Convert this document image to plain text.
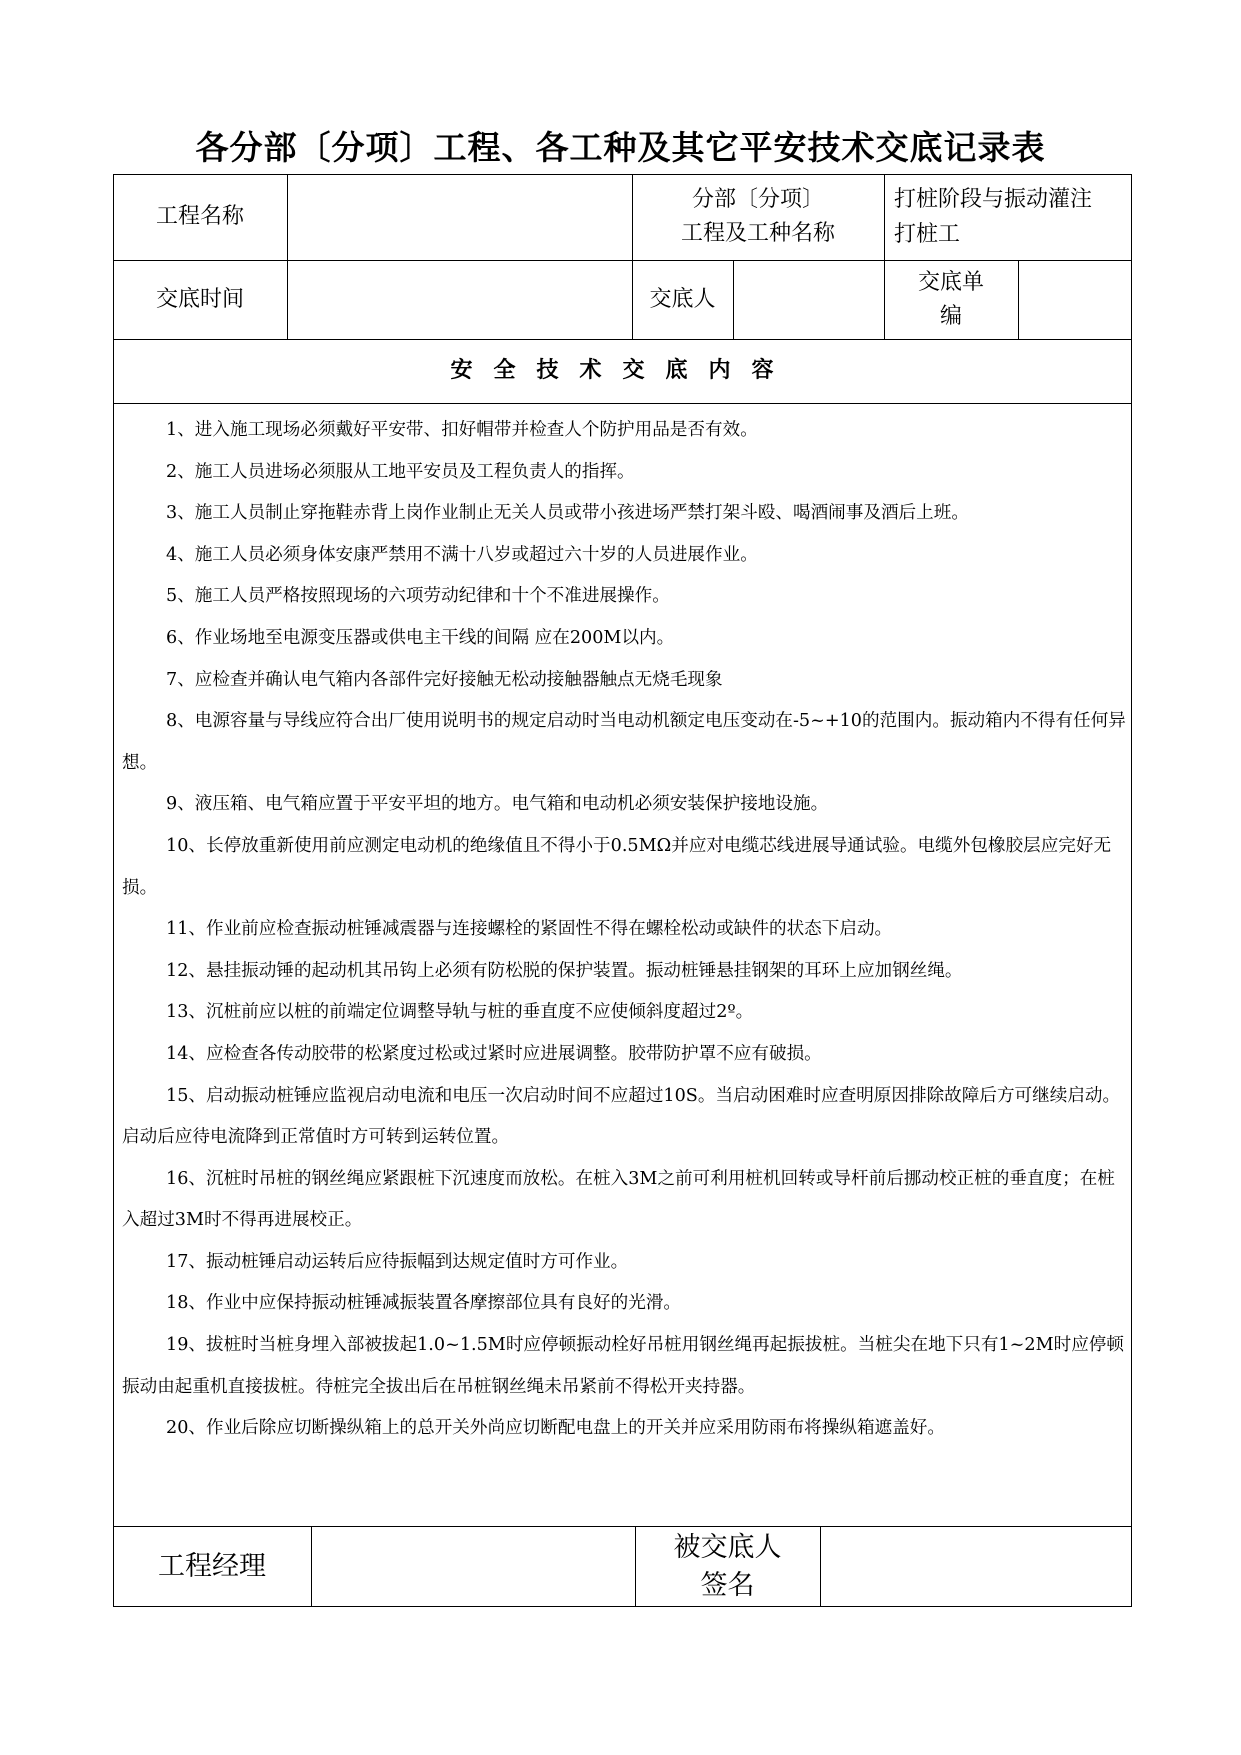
各分部〔分项〕工程、各工种及其它平安技术交底记录表
工程名称
分部〔分项〕
工程及工种名称
打桩阶段与振动灌注
打桩工
交底时间	交底人
交底单
编
安全技术交底内容

1、进入施工现场必须戴好平安带、扣好帽带并检查人个防护用品是否有效。

2、施工人员进场必须服从工地平安员及工程负责人的指挥。

3、施工人员制止穿拖鞋赤背上岗作业制止无关人员或带小孩进场严禁打架斗殴、喝酒闹事及酒后上班。

4、施工人员必须身体安康严禁用不满十八岁或超过六十岁的人员进展作业。

5、施工人员严格按照现场的六项劳动纪律和十个不准进展操作。

6、作业场地至电源变压器或供电主干线的间隔 应在200M以内。

7、应检查并确认电气箱内各部件完好接触无松动接触器触点无烧毛现象

8、电源容量与导线应符合出厂使用说明书的规定启动时当电动机额定电压变动在-5~+10的范围内。振动箱内不得有任何异想。

9、液压箱、电气箱应置于平安平坦的地方。电气箱和电动机必须安装保护接地设施。

10、长停放重新使用前应测定电动机的绝缘值且不得小于0.5MΩ并应对电缆芯线进展导通试验。电缆外包橡胶层应完好无损。

11、作业前应检查振动桩锤减震器与连接螺栓的紧固性不得在螺栓松动或缺件的状态下启动。

12、悬挂振动锤的起动机其吊钩上必须有防松脱的保护装置。振动桩锤悬挂钢架的耳环上应加钢丝绳。

13、沉桩前应以桩的前端定位调整导轨与桩的垂直度不应使倾斜度超过2º。

14、应检查各传动胶带的松紧度过松或过紧时应进展调整。胶带防护罩不应有破损。

15、启动振动桩锤应监视启动电流和电压一次启动时间不应超过10S。当启动困难时应查明原因排除故障后方可继续启动。启动后应待电流降到正常值时方可转到运转位置。

16、沉桩时吊桩的钢丝绳应紧跟桩下沉速度而放松。在桩入3M之前可利用桩机回转或导杆前后挪动校正桩的垂直度；在桩入超过3M时不得再进展校正。

17、振动桩锤启动运转后应待振幅到达规定值时方可作业。

18、作业中应保持振动桩锤减振装置各摩擦部位具有良好的光滑。

19、拔桩时当桩身埋入部被拔起1.0~1.5M时应停顿振动栓好吊桩用钢丝绳再起振拔桩。当桩尖在地下只有1~2M时应停顿振动由起重机直接拔桩。待桩完全拔出后在吊桩钢丝绳未吊紧前不得松开夹持器。

20、作业后除应切断操纵箱上的总开关外尚应切断配电盘上的开关并应采用防雨布将操纵箱遮盖好。

工程经理
被交底人
签名
